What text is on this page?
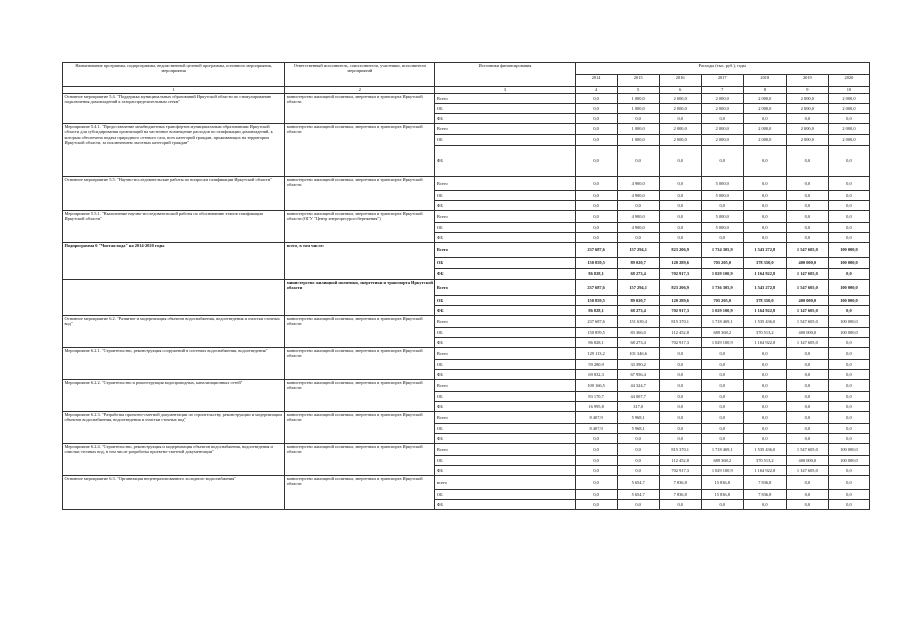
Наименование программы, подпрограммы, ведомственной целевой программы, основного мероприятия, мероприятия	Ответственный исполнитель, соисполнители, участники, исполнители мероприятий	Источники финансирования	Расходы (тыс. руб.), годы						
			2014	2015	2016	2017	2018	2019	2020
1	2	3	4	5	6	7	8	9	10
Основное мероприятие 5.4. "Поддержка муниципальных образований Иркутской области по стимулированию подключения домовладений к газораспределительным сетям"	министерство жилищной политики, энергетики и транспорта Иркутской области	Всего	0,0	1 000,0	2 000,0	2 000,0	2 000,0	2 000,0	2 000,0
		ОБ	0,0	1 000,0	2 000,0	2 000,0	2 000,0	2 000,0	2 000,0
		ФБ	0,0	0,0	0,0	0,0	0,0	0,0	0,0
Мероприятие 5.4.1. "Предоставление межбюджетных трансфертов муниципальным образованиям Иркутской области для субсидирования организаций на частичное возмещение расходов по газификации домовладений, к которым обеспечена подача природного сетевого газа, всех категорий граждан, проживающих на территории Иркутской области, за исключением льготных категорий граждан"	министерство жилищной политики, энергетики и транспорта Иркутской области	Всего	0,0	1 000,0	2 000,0	2 000,0	2 000,0	2 000,0	2 000,0
		ОБ	0,0	1 000,0	2 000,0	2 000,0	2 000,0	2 000,0	2 000,0
		ФБ	0,0	0,0	0,0	0,0	0,0	0,0	0,0
Основное мероприятие 5.5. "Научно-исследовательские работы по вопросам газификации Иркутской области"	министерство жилищной политики, энергетики и транспорта Иркутской области	Всего	0,0	4 900,0	0,0	5 000,0	0,0	0,0	0,0
		ОБ	0,0	4 900,0	0,0	5 000,0	0,0	0,0	0,0
		ФБ	0,0	0,0	0,0	0,0	0,0	0,0	0,0
Мероприятие 5.5.1. "Выполнение научно-исследовательской работы по обоснованию этапов газификации Иркутской области"	министерство жилищной политики, энергетики и транспорта Иркутской области (ОГУ "Центр энергоресурсосбережения")	Всего	0,0	4 900,0	0,0	5 000,0	0,0	0,0	0,0
		ОБ	0,0	4 900,0	0,0	5 000,0	0,0	0,0	0,0
		ФБ	0,0	0,0	0,0	0,0	0,0	0,0	0,0
Подпрограмма 6 "Чистая вода" на 2014-2020 годы	всего, в том числе:	Всего	237 687,6	157 294,1	823 206,9	1 734 305,9	1 543 272,8	1 547 605,0	100 000,0
		ОБ	150 859,5	89 020,7	120 289,6	705 205,0	378 350,0	400 000,0	100 000,0
		ФБ	86 828,1	68 273,4	702 917,3	1 029 100,9	1 164 922,8	1 147 605,0	0,0
	министерство жилищной политики, энергетики и транспорта Иркутской области	Всего	237 687,6	157 294,1	823 206,9	1 736 305,9	1 543 272,8	1 547 605,0	100 000,0
		ОБ	150 859,5	89 020,7	120 289,6	705 205,0	378 350,0	400 000,0	100 000,0
		ФБ	86 828,1	68 273,4	702 917,3	1 029 100,9	1 164 922,8	1 147 605,0	0,0
Основное мероприятие 6.2. "Развитие и модернизация объектов водоснабжения, водоотведения и очистки сточных вод"	министерство жилищной политики, энергетики и транспорта Иркутской области	Всего	237 687,6	151 639,4	815 370,1	1 718 469,1	1 535 436,0	1 547 605,0	100 000,0
		ОБ	150 859,5	83 366,0	112 452,8	689 368,2	370 513,2	400 000,0	100 000,0
		ФБ	86 828,1	68 273,4	702 917,3	1 029 100,9	1 164 922,8	1 147 605,0	0,0
Мероприятие 6.2.1. "Строительство, реконструкция сооружений в системах водоснабжения, водоотведения"	министерство жилищной политики, энергетики и транспорта Иркутской области	Всего	129 113,2	101 346,6	0,0	0,0	0,0	0,0	0,0
		ОБ	59 280,9	33 390,2	0,0	0,0	0,0	0,0	0,0
		ФБ	69 832,3	67 956,4	0,0	0,0	0,0	0,0	0,0
Мероприятие 6.2.2. "Строительство и реконструкция водопроводных, канализационных сетей"	министерство жилищной политики, энергетики и транспорта Иркутской области	Всего	100 166,5	44 324,7	0,0	0,0	0,0	0,0	0,0
		ОБ	83 170,7	44 007,7	0,0	0,0	0,0	0,0	0,0
		ФБ	16 995,8	317,0	0,0	0,0	0,0	0,0	0,0
Мероприятие 6.2.3. "Разработка проектно-сметной документации по строительству, реконструкции и модернизации объектов водоснабжения, водоотведения и очистки сточных вод"	министерство жилищной политики, энергетики и транспорта Иркутской области	Всего	8 407,9	5 968,1	0,0	0,0	0,0	0,0	0,0
		ОБ	8 407,9	5 968,1	0,0	0,0	0,0	0,0	0,0
		ФБ	0,0	0,0	0,0	0,0	0,0	0,0	0,0
Мероприятие 6.2.4. "Строительство, реконструкция и модернизация объектов водоснабжения, водоотведения и очистки сточных вод, в том числе разработка проектно-сметной документации"	министерство жилищной политики, энергетики и транспорта Иркутской области	Всего	0,0	0,0	815 370,1	1 718 469,1	1 535 436,0	1 547 605,0	100 000,0
		ОБ	0,0	0,0	112 452,8	689 368,2	370 513,2	400 000,0	100 000,0
		ФБ	0,0	0,0	702 917,3	1 029 100,9	1 164 922,8	1 147 605,0	0,0
Основное мероприятие 6.3. "Организация нецентрализованного холодного водоснабжения"	министерство жилищной политики, энергетики и транспорта Иркутской области	всего	0,0	5 654,7	7 836,8	15 836,8	7 836,8	0,0	0,0
		ОБ	0,0	5 654,7	7 836,8	15 836,8	7 836,8	0,0	0,0
		ФБ	0,0	0,0	0,0	0,0	0,0	0,0	0,0
